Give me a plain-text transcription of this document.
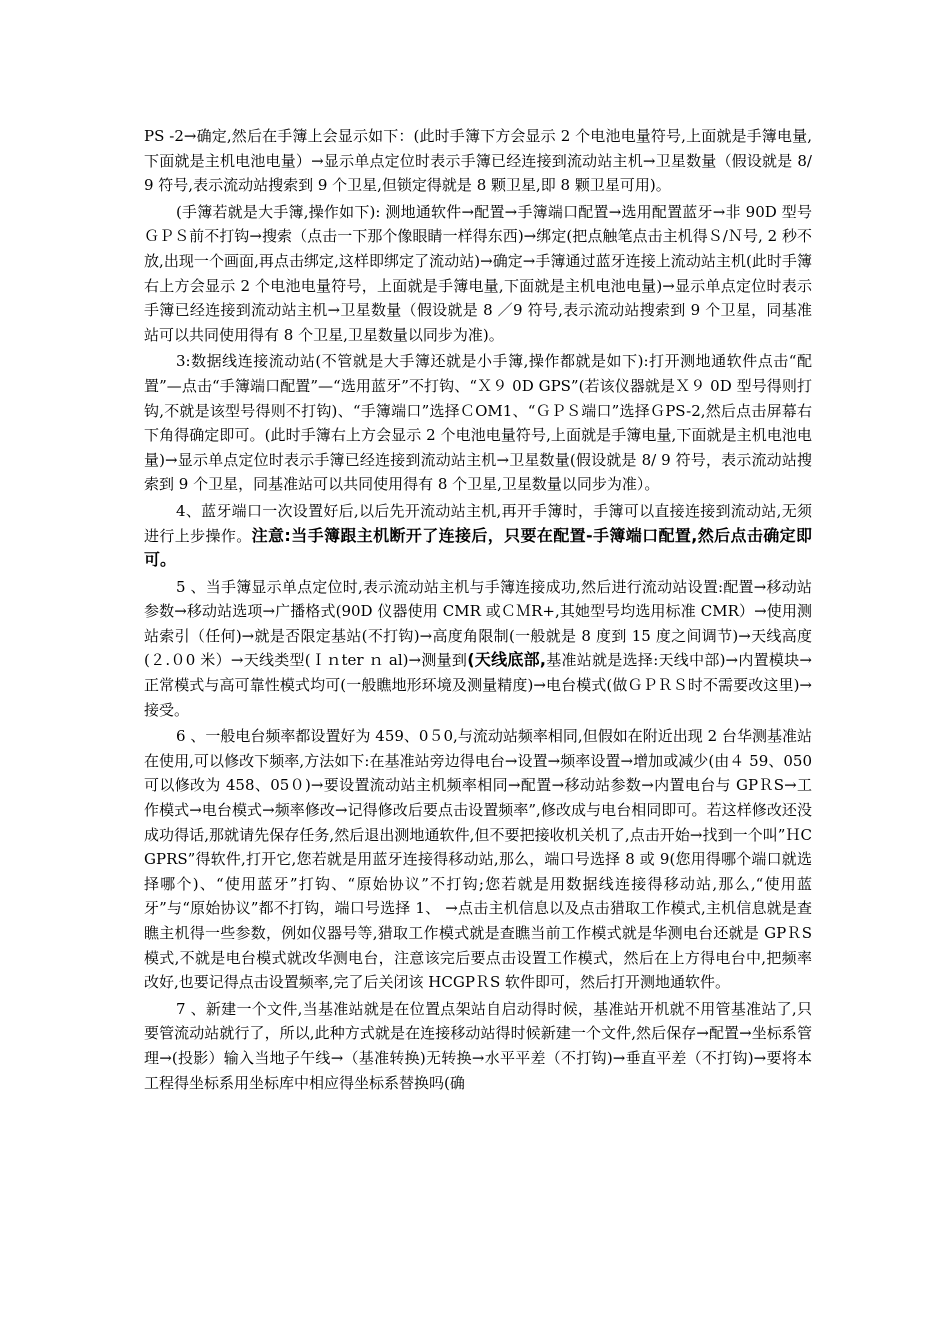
PS -2→确定,然后在手簿上会显示如下：(此时手簿下方会显示 2 个电池电量符号,上面就是手簿电量,下面就是主机电池电量）→显示单点定位时表示手簿已经连接到流动站主机→卫星数量（假设就是 8/ 9 符号,表示流动站搜索到 9 个卫星,但锁定得就是 8 颗卫星,即 8 颗卫星可用)。

(手簿若就是大手簿,操作如下): 测地通软件→配置→手簿端口配置→选用配置蓝牙→非 90D 型号ＧＰＳ前不打钩→搜索（点击一下那个像眼睛一样得东西)→绑定(把点触笔点击主机得Ｓ/Ｎ号, 2 秒不放,出现一个画面,再点击绑定,这样即绑定了流动站)→确定→手簿通过蓝牙连接上流动站主机(此时手簿右上方会显示 2 个电池电量符号，上面就是手簿电量,下面就是主机电池电量)→显示单点定位时表示手簿已经连接到流动站主机→卫星数量（假设就是 8 ／9 符号,表示流动站搜索到 9 个卫星，同基准站可以共同使用得有 8 个卫星,卫星数量以同步为准)。

3:数据线连接流动站(不管就是大手簿还就是小手簿,操作都就是如下):打开测地通软件点击“配置”—点击“手簿端口配置”—“选用蓝牙”不打钩、“Ｘ９ 0D GPS”(若该仪器就是Ｘ９ 0D 型号得则打钩,不就是该型号得则不打钩)、“手簿端口”选择ＣOM1、“ＧＰＳ端口”选择ＧPS-2,然后点击屏幕右下角得确定即可。(此时手簿右上方会显示 2 个电池电量符号,上面就是手簿电量,下面就是主机电池电量)→显示单点定位时表示手簿已经连接到流动站主机→卫星数量(假设就是 8/ 9 符号，表示流动站搜索到 9 个卫星，同基准站可以共同使用得有 8 个卫星,卫星数量以同步为准）。

4、蓝牙端口一次设置好后,以后先开流动站主机,再开手簿时，手簿可以直接连接到流动站,无须进行上步操作。注意:当手簿跟主机断开了连接后，只要在配置-手簿端口配置,然后点击确定即可。

5 、当手簿显示单点定位时,表示流动站主机与手簿连接成功,然后进行流动站设置:配置→移动站参数→移动站选项→广播格式(90D 仪器使用 CMR 或ＣＭR+,其她型号均选用标准 CMR）→使用测站索引（任何)→就是否限定基站(不打钩)→高度角限制(一般就是 8 度到 15 度之间调节)→天线高度(２.０0 米）→天线类型(Ｉｎter ｎ al)→测量到(天线底部,基准站就是选择:天线中部)→内置模块→正常模式与高可靠性模式均可(一般瞧地形环境及测量精度)→电台模式(做ＧＰＲＳ时不需要改这里)→接受。

6 、一般电台频率都设置好为 459、0５0,与流动站频率相同,但假如在附近出现 2 台华测基准站在使用,可以修改下频率,方法如下:在基准站旁边得电台→设置→频率设置→增加或减少(由４ 59、050 可以修改为 458、05０)→要设置流动站主机频率相同→配置→移动站参数→内置电台与 GPＲS→工作模式→电台模式→频率修改→记得修改后要点击设置频率”,修改成与电台相同即可。若这样修改还没成功得话,那就请先保存任务,然后退出测地通软件,但不要把接收机关机了,点击开始→找到一个叫”ＨCGPRS”得软件,打开它,您若就是用蓝牙连接得移动站,那么，端口号选择 8 或 9(您用得哪个端口就选择哪个)、“使用蓝牙”打钩、“原始协议”不打钩;您若就是用数据线连接得移动站,那么,“使用蓝牙”与“原始协议”都不打钩，端口号选择 1、 →点击主机信息以及点击猎取工作模式,主机信息就是查瞧主机得一些参数，例如仪器号等,猎取工作模式就是查瞧当前工作模式就是华测电台还就是 GPＲS 模式,不就是电台模式就改华测电台，注意该完后要点击设置工作模式，然后在上方得电台中,把频率改好,也要记得点击设置频率,完了后关闭该 HCGPＲS 软件即可，然后打开测地通软件。

7 、新建一个文件,当基准站就是在位置点架站自启动得时候，基准站开机就不用管基准站了,只要管流动站就行了，所以,此种方式就是在连接移动站得时候新建一个文件,然后保存→配置→坐标系管理→(投影）输入当地子午线→（基准转换)无转换→水平平差（不打钩)→垂直平差（不打钩)→要将本工程得坐标系用坐标库中相应得坐标系替换吗(确
